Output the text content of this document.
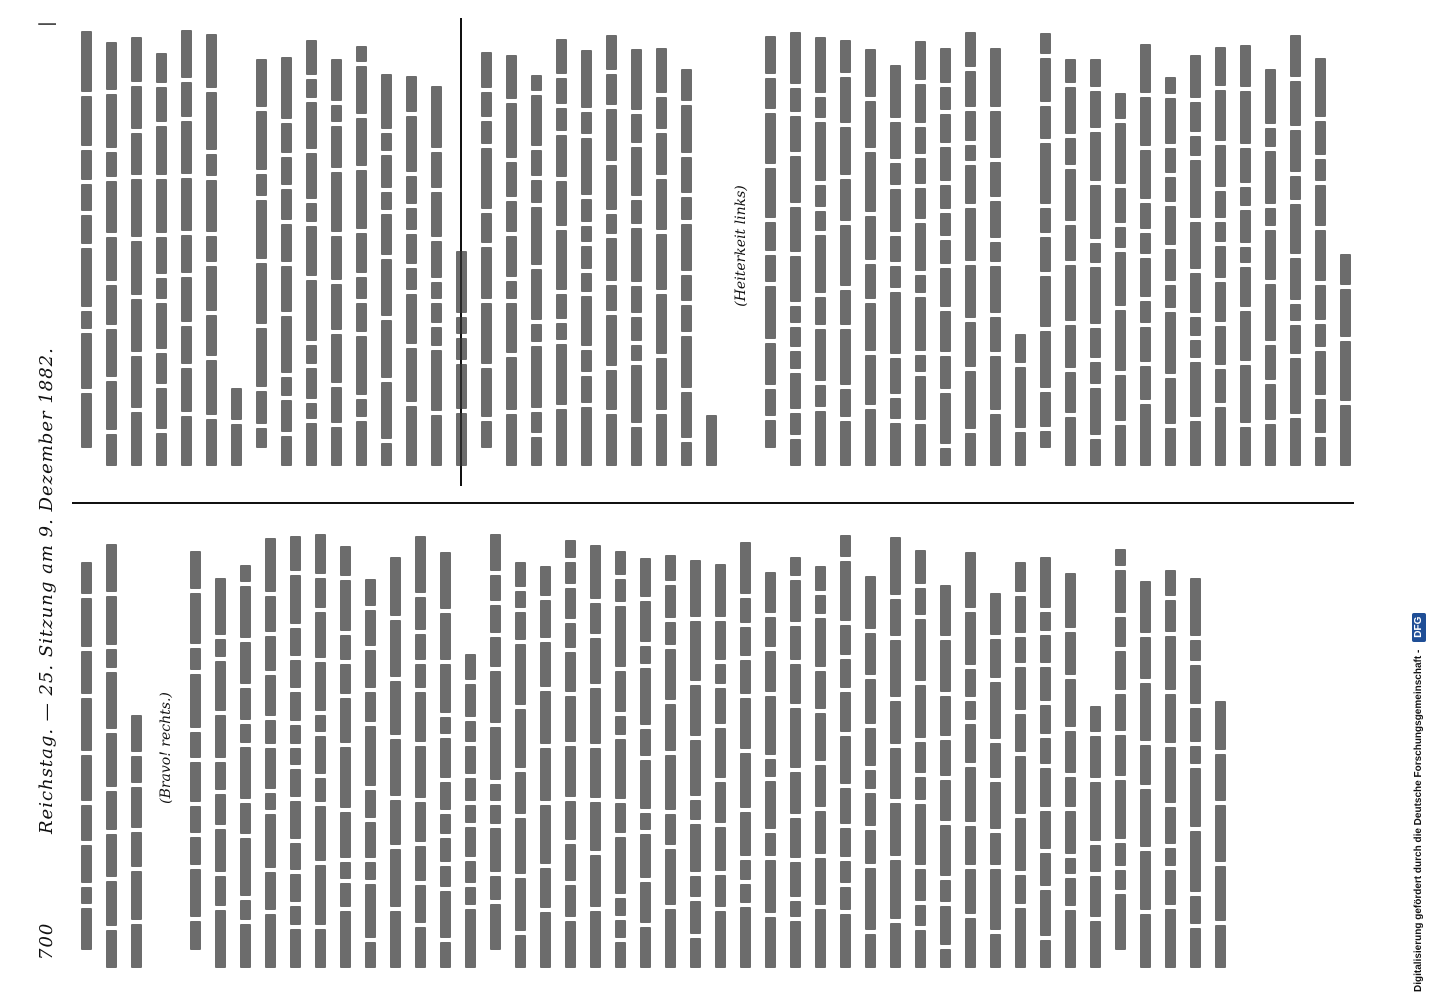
700
Reichstag. — 25. Sitzung am 9. Dezember 1882.
|

(Bravo! rechts.)

(Heiterkeit links)

Digitalisierung gefördert durch die Deutsche Forschungsgemeinschaft -DFG
